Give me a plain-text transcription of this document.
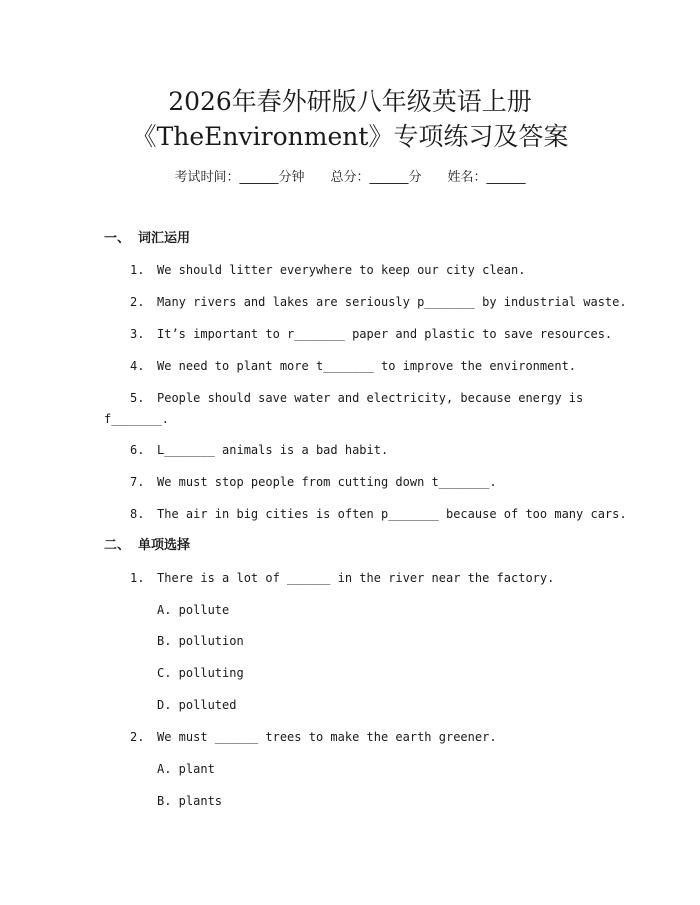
2026年春外研版八年级英语上册
《TheEnvironment》专项练习及答案
考试时间：______分钟 总分：______分 姓名：______
一、 词汇运用
1. We should litter everywhere to keep our city clean.
2. Many rivers and lakes are seriously p_______ by industrial waste.
3. It’s important to r_______ paper and plastic to save resources.
4. We need to plant more t_______ to improve the environment.
5. People should save water and electricity, because energy is
f_______.
6. L_______ animals is a bad habit.
7. We must stop people from cutting down t_______.
8. The air in big cities is often p_______ because of too many cars.
二、 单项选择
1. There is a lot of ______ in the river near the factory.
A. pollute
B. pollution
C. polluting
D. polluted
2. We must ______ trees to make the earth greener.
A. plant
B. plants
